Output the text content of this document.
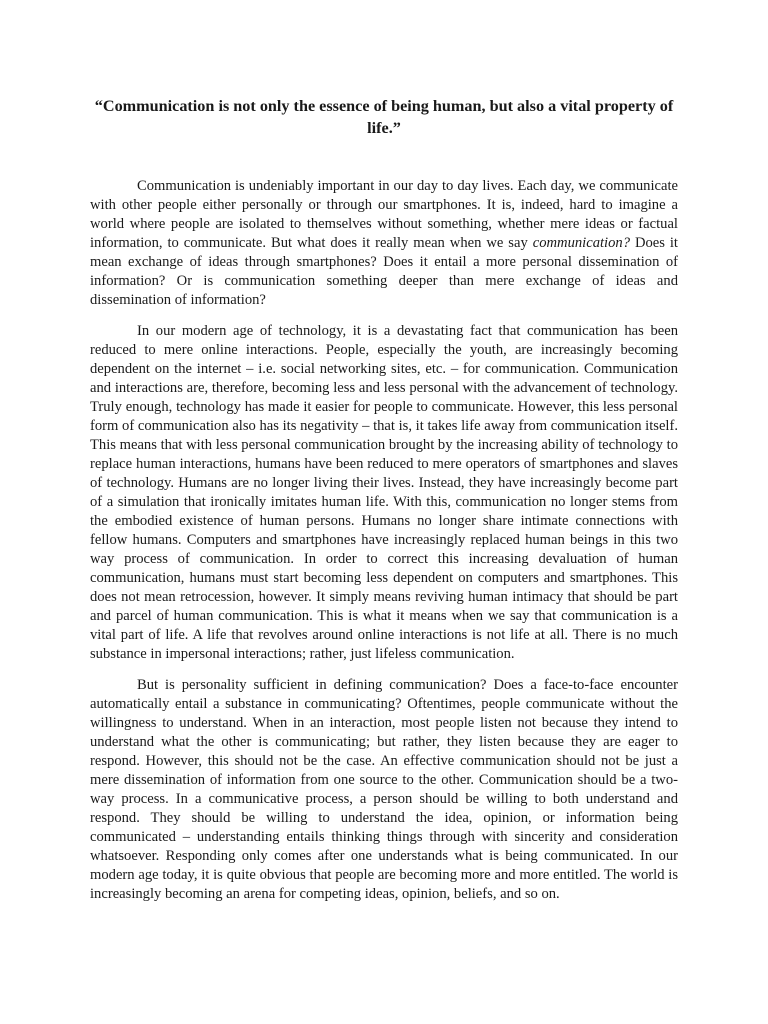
“Communication is not only the essence of being human, but also a vital property of life.”

Communication is undeniably important in our day to day lives. Each day, we communicate with other people either personally or through our smartphones. It is, indeed, hard to imagine a world where people are isolated to themselves without something, whether mere ideas or factual information, to communicate. But what does it really mean when we say communication? Does it mean exchange of ideas through smartphones? Does it entail a more personal dissemination of information? Or is communication something deeper than mere exchange of ideas and dissemination of information?

In our modern age of technology, it is a devastating fact that communication has been reduced to mere online interactions. People, especially the youth, are increasingly becoming dependent on the internet – i.e. social networking sites, etc. – for communication. Communication and interactions are, therefore, becoming less and less personal with the advancement of technology. Truly enough, technology has made it easier for people to communicate. However, this less personal form of communication also has its negativity – that is, it takes life away from communication itself. This means that with less personal communication brought by the increasing ability of technology to replace human interactions, humans have been reduced to mere operators of smartphones and slaves of technology. Humans are no longer living their lives. Instead, they have increasingly become part of a simulation that ironically imitates human life. With this, communication no longer stems from the embodied existence of human persons. Humans no longer share intimate connections with fellow humans. Computers and smartphones have increasingly replaced human beings in this two way process of communication. In order to correct this increasing devaluation of human communication, humans must start becoming less dependent on computers and smartphones. This does not mean retrocession, however. It simply means reviving human intimacy that should be part and parcel of human communication. This is what it means when we say that communication is a vital part of life. A life that revolves around online interactions is not life at all. There is no much substance in impersonal interactions; rather, just lifeless communication.

But is personality sufficient in defining communication? Does a face-to-face encounter automatically entail a substance in communicating? Oftentimes, people communicate without the willingness to understand. When in an interaction, most people listen not because they intend to understand what the other is communicating; but rather, they listen because they are eager to respond. However, this should not be the case. An effective communication should not be just a mere dissemination of information from one source to the other. Communication should be a two-way process. In a communicative process, a person should be willing to both understand and respond. They should be willing to understand the idea, opinion, or information being communicated – understanding entails thinking things through with sincerity and consideration whatsoever. Responding only comes after one understands what is being communicated. In our modern age today, it is quite obvious that people are becoming more and more entitled. The world is increasingly becoming an arena for competing ideas, opinion, beliefs, and so on.
